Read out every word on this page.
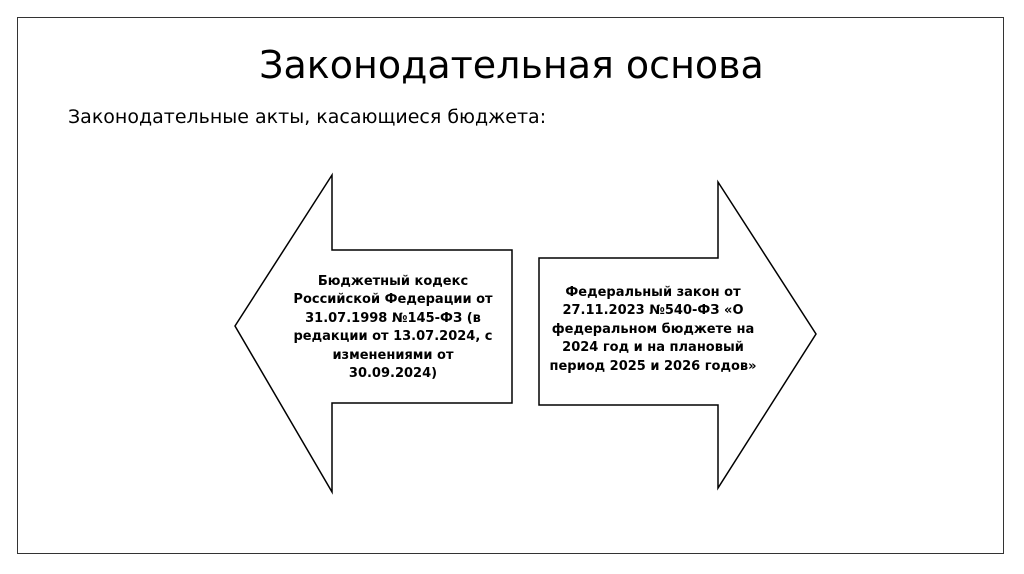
Законодательная основа
Законодательные акты, касающиеся бюджета:
Бюджетный кодекс Российской Федерации от 31.07.1998 №145-ФЗ (в редакции от 13.07.2024, с изменениями от 30.09.2024)
Федеральный закон от 27.11.2023 №540-ФЗ «О федеральном бюджете на 2024 год и на плановый период 2025 и 2026 годов»
